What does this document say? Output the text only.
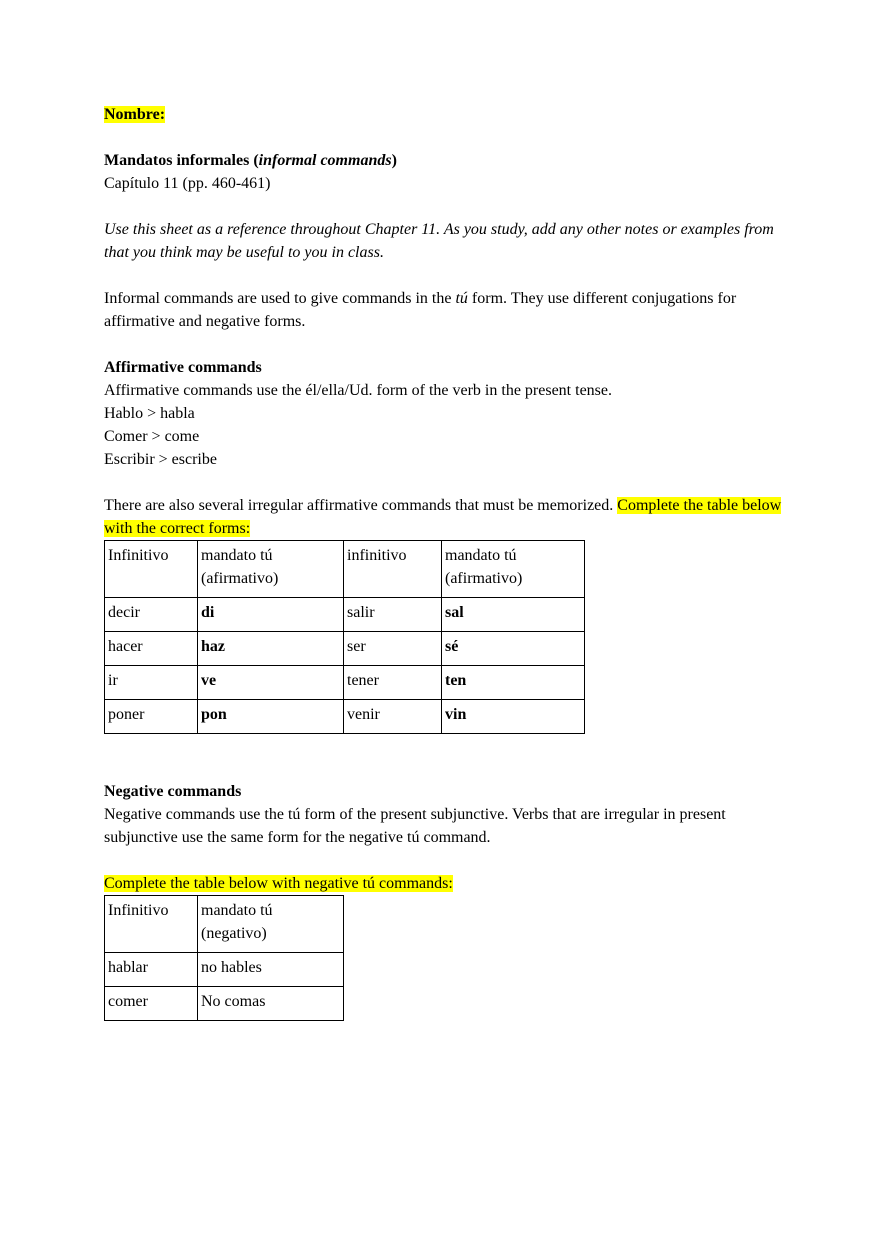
Nombre:

Mandatos informales (informal commands)

Capítulo 11 (pp. 460-461)

Use this sheet as a reference throughout Chapter 11. As you study, add any other notes or examples from that you think may be useful to you in class.

Informal commands are used to give commands in the tú form. They use different conjugations for affirmative and negative forms.

Affirmative commands

Affirmative commands use the él/ella/Ud. form of the verb in the present tense.

Hablo > habla

Comer > come

Escribir > escribe

There are also several irregular affirmative commands that must be memorized. Complete the table below with the correct forms:

Infinitivo	mandato tú (afirmativo)	infinitivo	mandato tú (afirmativo)
decir	di	salir	sal
hacer	haz	ser	sé
ir	ve	tener	ten
poner	pon	venir	vin

Negative commands

Negative commands use the tú form of the present subjunctive. Verbs that are irregular in present subjunctive use the same form for the negative tú command.

Complete the table below with negative tú commands:

Infinitivo	mandato tú (negativo)
hablar	no hables
comer	No comas
